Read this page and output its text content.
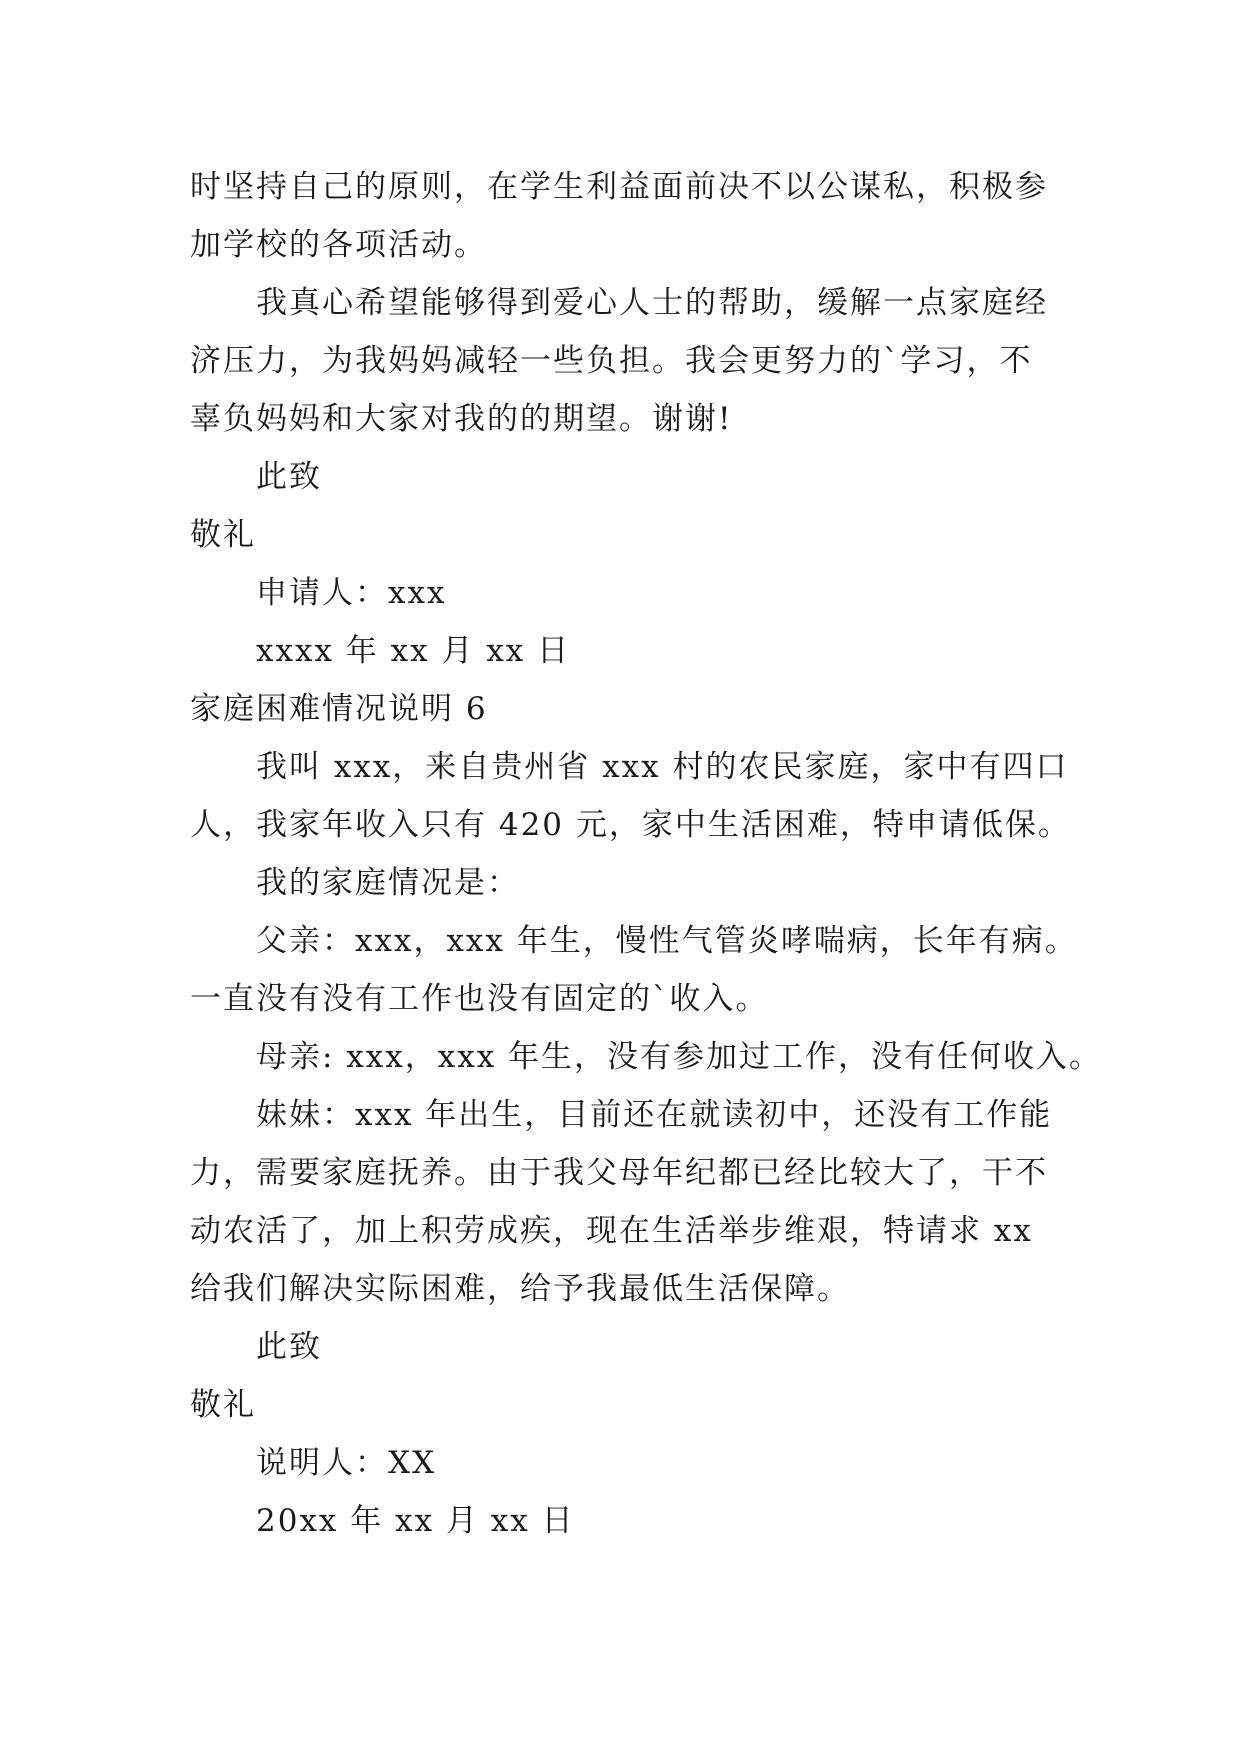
时坚持自己的原则，在学生利益面前决不以公谋私，积极参
加学校的各项活动。
我真心希望能够得到爱心人士的帮助，缓解一点家庭经
济压力，为我妈妈减轻一些负担。我会更努力的`学习，不
辜负妈妈和大家对我的的期望。谢谢!
此致
敬礼
申请人：xxx
xxxx 年 xx 月 xx 日
家庭困难情况说明 6
我叫 xxx，来自贵州省 xxx 村的农民家庭，家中有四口
人，我家年收入只有 420 元，家中生活困难，特申请低保。
我的家庭情况是：
父亲：xxx，xxx 年生，慢性气管炎哮喘病，长年有病。
一直没有没有工作也没有固定的`收入。
母亲: xxx，xxx 年生，没有参加过工作，没有任何收入。
妹妹：xxx 年出生，目前还在就读初中，还没有工作能
力，需要家庭抚养。由于我父母年纪都已经比较大了，干不
动农活了，加上积劳成疾，现在生活举步维艰，特请求 xx
给我们解决实际困难，给予我最低生活保障。
此致
敬礼
说明人：XX
20xx 年 xx 月 xx 日
